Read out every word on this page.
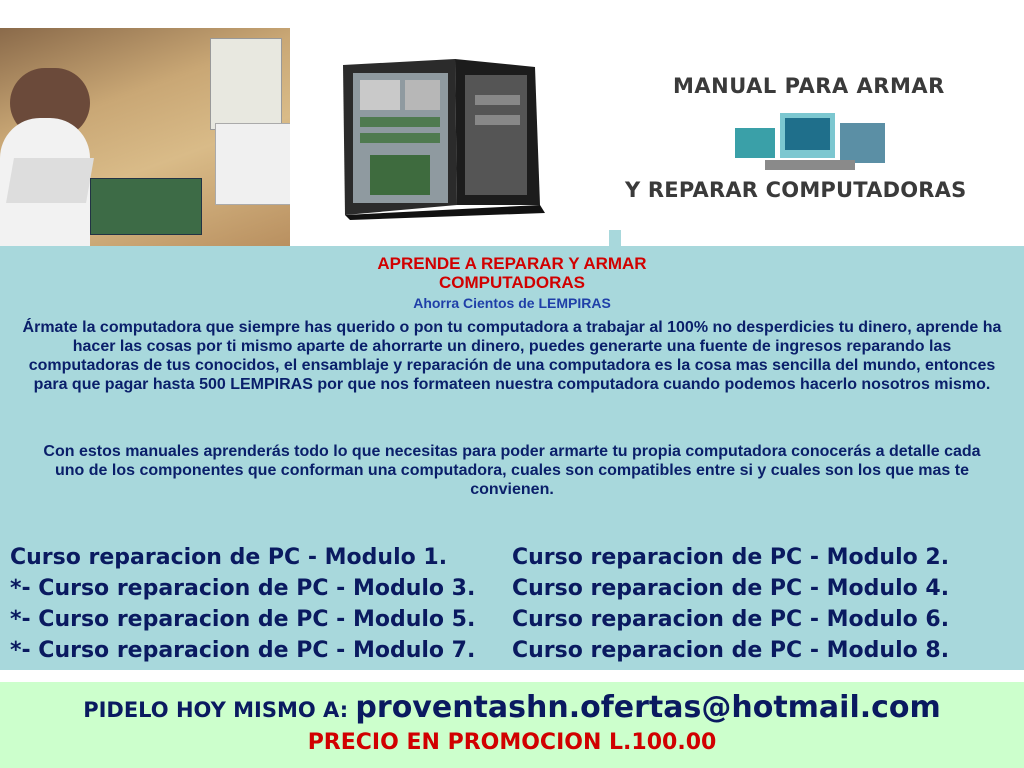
MANUAL PARA ARMAR
Y REPARAR COMPUTADORAS
APRENDE A REPARAR Y ARMAR
COMPUTADORAS
Ahorra Cientos de LEMPIRAS
Ármate la computadora que siempre has querido o pon tu computadora a trabajar al 100% no desperdicies tu dinero, aprende ha hacer las cosas por ti mismo aparte de ahorrarte un dinero, puedes generarte una fuente de ingresos reparando las computadoras de tus conocidos, el ensamblaje y reparación de una computadora es la cosa mas sencilla del mundo, entonces para que pagar hasta 500 LEMPIRAS por que nos formateen nuestra computadora cuando podemos hacerlo nosotros mismo.
Con estos manuales aprenderás todo lo que necesitas para poder armarte tu propia computadora conocerás a detalle cada uno de los componentes que conforman una computadora, cuales son compatibles entre si y cuales son los que mas te convienen.
Curso reparacion de PC - Modulo 1.	Curso reparacion de PC - Modulo 2.
*- Curso reparacion de PC - Modulo 3. Curso reparacion de PC - Modulo 4.
*- Curso reparacion de PC - Modulo 5. Curso reparacion de PC - Modulo 6.
*- Curso reparacion de PC - Modulo 7. Curso reparacion de PC - Modulo 8.
PIDELO HOY MISMO A: proventashn.ofertas@hotmail.com
PRECIO EN PROMOCION L.100.00
